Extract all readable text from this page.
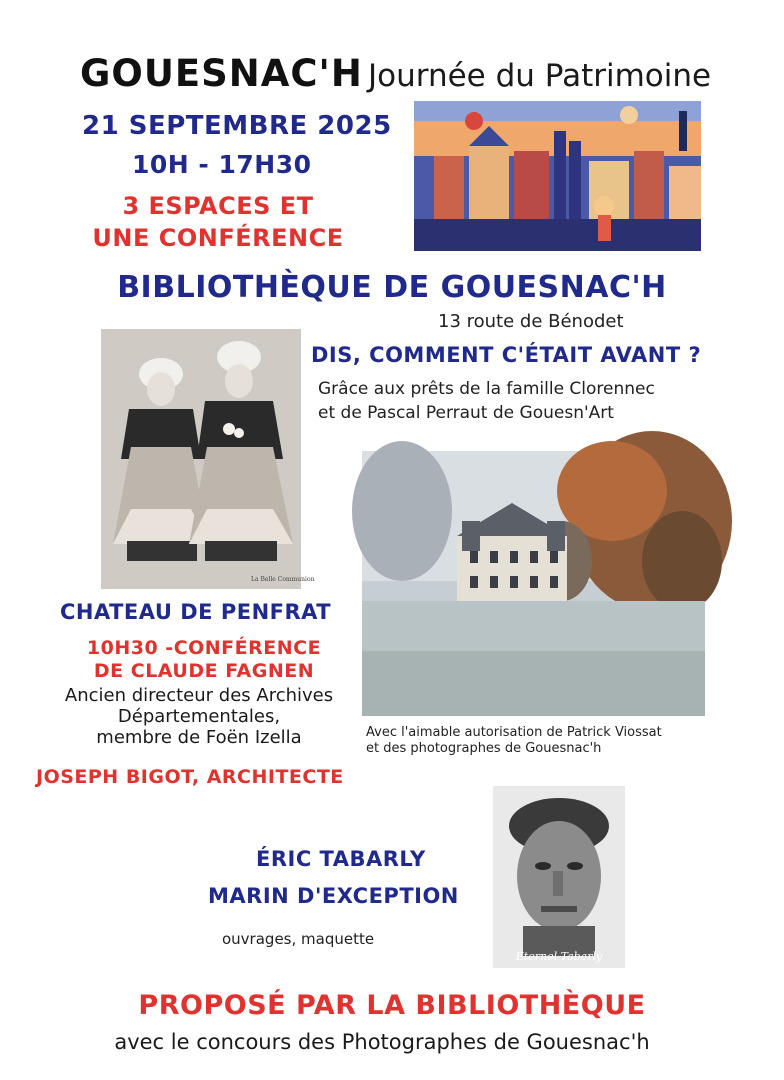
GOUESNAC'H Journée du Patrimoine
21 SEPTEMBRE 2025
10H - 17H30
3 ESPACES ET
UNE CONFÉRENCE
BIBLIOTHÈQUE DE GOUESNAC'H
13 route de Bénodet
DIS, COMMENT C'ÉTAIT AVANT ?
Grâce aux prêts de la famille Clorennec
et de Pascal Perraut de Gouesn'Art
La Belle Communion
CHATEAU DE PENFRAT
10H30 -CONFÉRENCE
DE CLAUDE FAGNEN
Ancien directeur des Archives
Départementales,
membre de Foën Izella
JOSEPH BIGOT, ARCHITECTE
Avec l'aimable autorisation de Patrick Viossat
et des photographes de Gouesnac'h
ÉRIC TABARLY
MARIN D'EXCEPTION
ouvrages, maquette
Éternel Tabarly
PROPOSÉ PAR LA BIBLIOTHÈQUE
avec le concours des Photographes de Gouesnac'h
